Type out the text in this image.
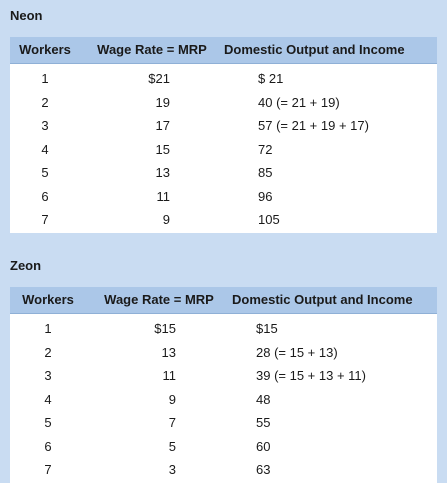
Neon
Workers	Wage Rate = MRP	Domestic Output and Income
1	$21	$ 21
2	19	40 (= 21 + 19)
3	17	57 (= 21 + 19 + 17)
4	15	72
5	13	85
6	11	96
7	9	105
Zeon
Workers	Wage Rate = MRP	Domestic Output and Income
1	$15	$15
2	13	28 (= 15 + 13)
3	11	39 (= 15 + 13 + 11)
4	9	48
5	7	55
6	5	60
7	3	63
